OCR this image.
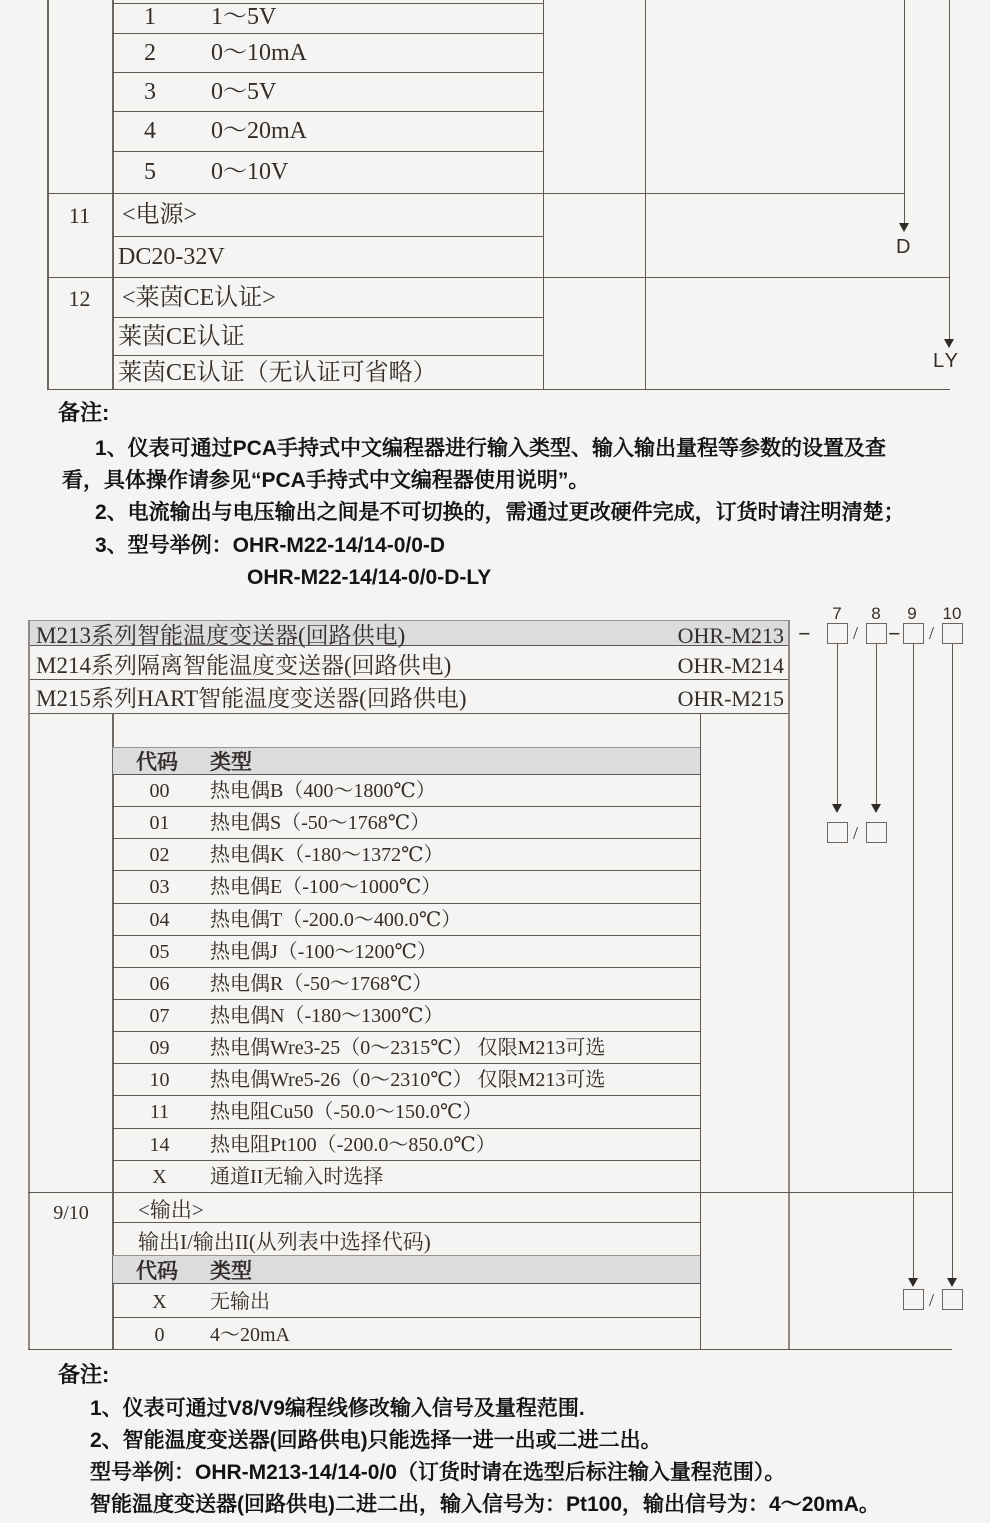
1	1～5V
2	0～10mA
3	0～5V
4	0～20mA
5	0～10V
11	<电源>
DC20-32V
12	<莱茵CE认证>
莱茵CE认证
莱茵CE认证（无认证可省略）
D
LY
备注:
1、仪表可通过PCA手持式中文编程器进行输入类型、输入输出量程等参数的设置及查
看，具体操作请参见“PCA手持式中文编程器使用说明”。
2、电流输出与电压输出之间是不可切换的，需通过更改硬件完成，订货时请注明清楚；
3、型号举例：OHR-M22-14/14-0/0-D
OHR-M22-14/14-0/0-D-LY
M213系列智能温度变送器(回路供电)	OHR-M213
M214系列隔离智能温度变送器(回路供电)	OHR-M214
M215系列HART智能温度变送器(回路供电)	OHR-M215
7 8 9 10
− / − /
/
/
代码 类型
00	热电偶B（400～1800℃）
01	热电偶S（-50～1768℃）
02	热电偶K（-180～1372℃）
03	热电偶E（-100～1000℃）
04	热电偶T（-200.0～400.0℃）
05	热电偶J（-100～1200℃）
06	热电偶R（-50～1768℃）
07	热电偶N（-180～1300℃）
09	热电偶Wre3-25（0～2315℃） 仅限M213可选
10	热电偶Wre5-26（0～2310℃） 仅限M213可选
11	热电阻Cu50（-50.0～150.0℃）
14	热电阻Pt100（-200.0～850.0℃）
X	通道II无输入时选择
9/10	<输出>
输出I/输出II(从列表中选择代码)
代码 类型
X	无输出
0	4～20mA
备注:
1、仪表可通过V8/V9编程线修改输入信号及量程范围.
2、智能温度变送器(回路供电)只能选择一进一出或二进二出。
型号举例：OHR-M213-14/14-0/0（订货时请在选型后标注输入量程范围）。
智能温度变送器(回路供电)二进二出，输入信号为：Pt100，输出信号为：4～20mA。
